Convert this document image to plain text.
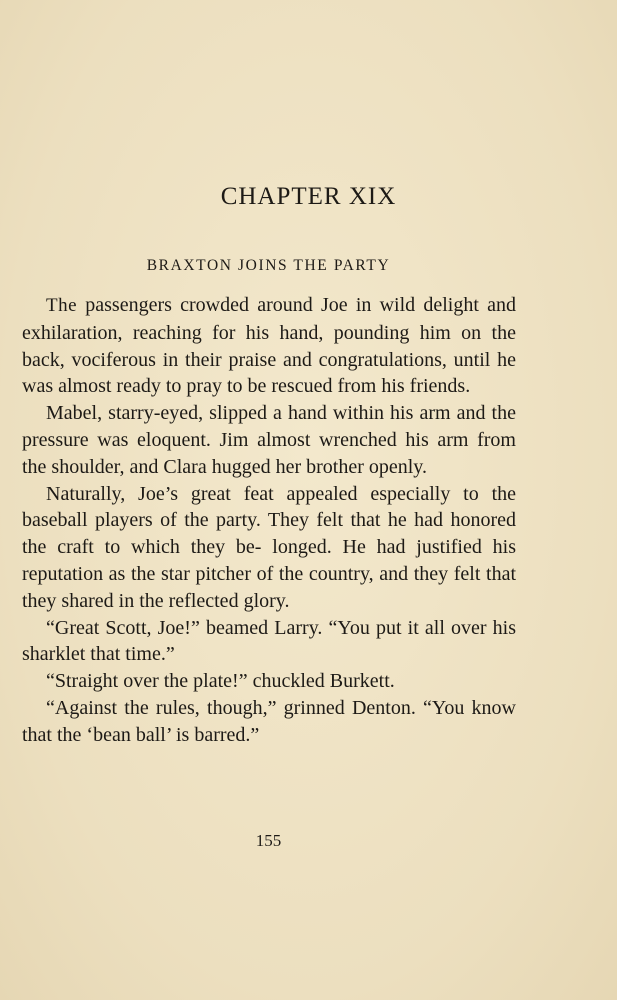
CHAPTER XIX
BRAXTON JOINS THE PARTY

The passengers crowded around Joe in wild delight and exhilaration, reaching for his hand, pounding him on the back, vociferous in their praise and congratulations, until he was almost ready to pray to be rescued from his friends.

Mabel, starry-eyed, slipped a hand within his arm and the pressure was eloquent. Jim almost wrenched his arm from the shoulder, and Clara hugged her brother openly.

Naturally, Joe’s great feat appealed especially to the baseball players of the party. They felt that he had honored the craft to which they be- longed. He had justified his reputation as the star pitcher of the country, and they felt that they shared in the reflected glory.

“Great Scott, Joe!” beamed Larry. “You put it all over his sharklet that time.”

“Straight over the plate!” chuckled Burkett.

“Against the rules, though,” grinned Denton. “You know that the ‘bean ball’ is barred.”

155
